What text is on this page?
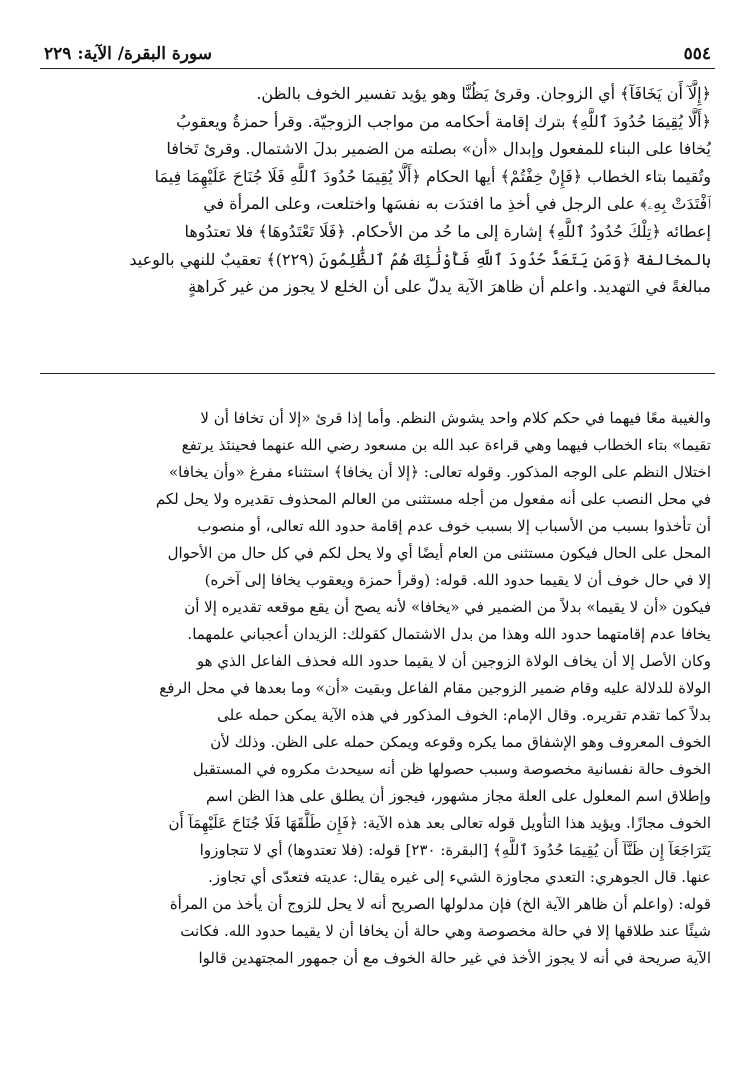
٥٥٤
سورة البقرة/ الآية: ٢٢٩
﴿إِلَّآ أَن يَخَافَآ﴾ أي الزوجان. وقرئ يَظُنَّا وهو يؤيد تفسير الخوف بالظن.
﴿أَلَّا يُقِيمَا حُدُودَ ٱللَّهِ﴾ بترك إقامة أحكامه من مواجب الزوجيّة. وقرأ حمزةُ ويعقوبُ
يُخافا على البناء للمفعول وإبدال «أن» بصلته من الضمير بدلَ الاشتمال. وقرئ تَخافا
وتُقيما بتاء الخطاب ﴿فَإِنْ خِفْتُمْ﴾ أيها الحكام ﴿أَلَّا يُقِيمَا حُدُودَ ٱللَّهِ فَلَا جُنَاحَ عَلَيْهِمَا فِيمَا
ٱفْتَدَتْ بِهِۦ﴾ على الرجل في أخذِ ما افتدَت به نفسَها واختلعت، وعلى المرأة في
إعطائه ﴿تِلْكَ حُدُودُ ٱللَّهِ﴾ إشارة إلى ما حُد من الأحكام. ﴿فَلَا تَعْتَدُوهَا﴾ فلا تعتدُوها
بالمخالفة ﴿وَمَن يَتَعَدَّ حُدُودَ ٱللَّهِ فَأُوْلَٰٓئِكَ هُمُ ٱلظَّٰلِمُونَ (٢٢٩)﴾ تعقيبٌ للنهي بالوعيد
مبالغةً في التهديد. واعلم أن ظاهرَ الآية يدلّ على أن الخلع لا يجوز من غير كَراهةٍ
والغيبة معًا فيهما في حكم كلام واحد يشوش النظم. وأما إذا قرئ «إلا أن تخافا أن لا
تقيما» بتاء الخطاب فيهما وهي قراءة عبد الله بن مسعود رضي الله عنهما فحينئذ يرتفع
اختلال النظم على الوجه المذكور. وقوله تعالى: ﴿إلا أن يخافا﴾ استثناء مفرغ «وأن يخافا»
في محل النصب على أنه مفعول من أجله مستثنى من العالم المحذوف تقديره ولا يحل لكم
أن تأخذوا بسبب من الأسباب إلا بسبب خوف عدم إقامة حدود الله تعالى، أو منصوب
المحل على الحال فيكون مستثنى من العام أيضًا أي ولا يحل لكم في كل حال من الأحوال
إلا في حال خوف أن لا يقيما حدود الله. قوله: (وقرأ حمزة ويعقوب يخافا إلى آخره)
فيكون «أن لا يقيما» بدلاً من الضمير في «يخافا» لأنه يصح أن يقع موقعه تقديره إلا أن
يخافا عدم إقامتهما حدود الله وهذا من بدل الاشتمال كقولك: الزيدان أعجباني علمهما.
وكان الأصل إلا أن يخاف الولاة الزوجين أن لا يقيما حدود الله فحذف الفاعل الذي هو
الولاة للدلالة عليه وقام ضمير الزوجين مقام الفاعل وبقيت «أن» وما بعدها في محل الرفع
بدلاً كما تقدم تقريره. وقال الإمام: الخوف المذكور في هذه الآية يمكن حمله على
الخوف المعروف وهو الإشفاق مما يكره وقوعه ويمكن حمله على الظن. وذلك لأن
الخوف حالة نفسانية مخصوصة وسبب حصولها ظن أنه سيحدث مكروه في المستقبل
وإطلاق اسم المعلول على العلة مجاز مشهور، فيجوز أن يطلق على هذا الظن اسم
الخوف مجازًا. ويؤيد هذا التأويل قوله تعالى بعد هذه الآية: ﴿فَإِن طَلَّقَهَا فَلَا جُنَاحَ عَلَيْهِمَآ أَن
يَتَرَاجَعَآ إِن ظَنَّآ أَن يُقِيمَا حُدُودَ ٱللَّهِ﴾ [البقرة: ٢٣٠] قوله: (فلا تعتدوها) أي لا تتجاوزوا
عنها. قال الجوهري: التعدي مجاوزة الشيء إلى غيره يقال: عديته فتعدّى أي تجاوز.
قوله: (واعلم أن ظاهر الآية الخ) فإن مدلولها الصريح أنه لا يحل للزوج أن يأخذ من المرأة
شيئًا عند طلاقها إلا في حالة مخصوصة وهي حالة أن يخافا أن لا يقيما حدود الله. فكانت
الآية صريحة في أنه لا يجوز الأخذ في غير حالة الخوف مع أن جمهور المجتهدين قالوا
